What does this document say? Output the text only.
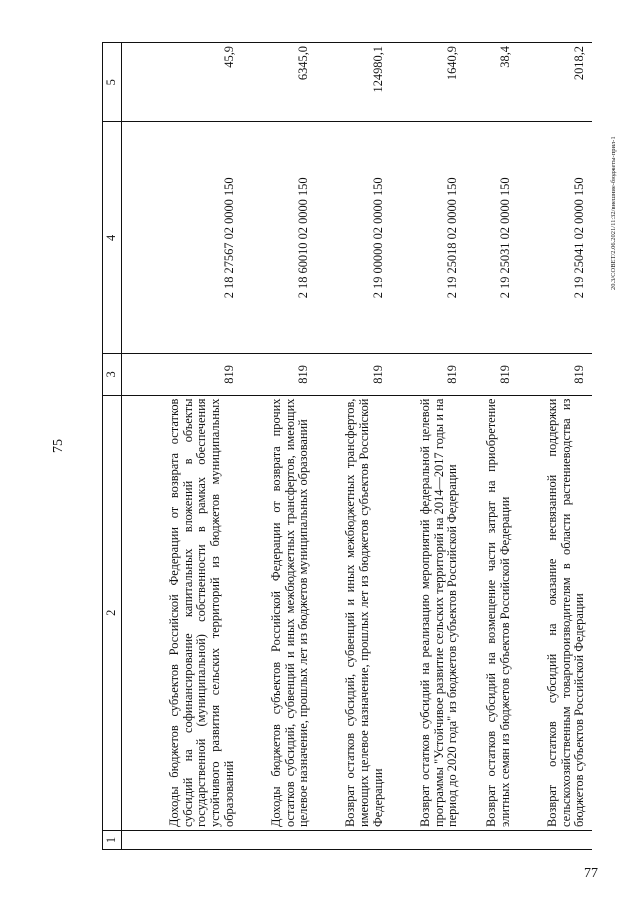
75
77
20.3/СОВЕТ/2.06.2021/11:32/внешние-бюджеты-прил-1
1	2	3	4	5
	Доходы бюджетов субъектов Российской Федерации от возврата остатков субсидий на софинансирование капитальных вложений в объекты государственной (муниципальной) собственности в рамках обеспечения устойчивого развития сельских территорий из бюджетов муниципальных образований	819	2 18 27567 02 0000 150	45,9
	Доходы бюджетов субъектов Российской Федерации от возврата прочих остатков субсидий, субвенций и иных межбюджетных трансфертов, имеющих целевое назначение, прошлых лет из бюджетов муниципальных образований	819	2 18 60010 02 0000 150	6345,0
	Возврат остатков субсидий, субвенций и иных межбюджетных трансфертов, имеющих целевое назначение, прошлых лет из бюджетов субъектов Российской Федерации	819	2 19 00000 02 0000 150	124980,1
	Возврат остатков субсидий на реализацию мероприятий федеральной целевой программы "Устойчивое развитие сельских территорий на 2014—2017 годы и на период до 2020 года" из бюджетов субъектов Российской Федерации	819	2 19 25018 02 0000 150	1640,9
	Возврат остатков субсидий на возмещение части затрат на приобретение элитных семян из бюджетов субъектов Российской Федерации	819	2 19 25031 02 0000 150	38,4
	Возврат остатков субсидий на оказание несвязанной поддержки сельскохозяйственным товаропроизводителям в области растениеводства из бюджетов субъектов Российской Федерации	819	2 19 25041 02 0000 150	2018,2
